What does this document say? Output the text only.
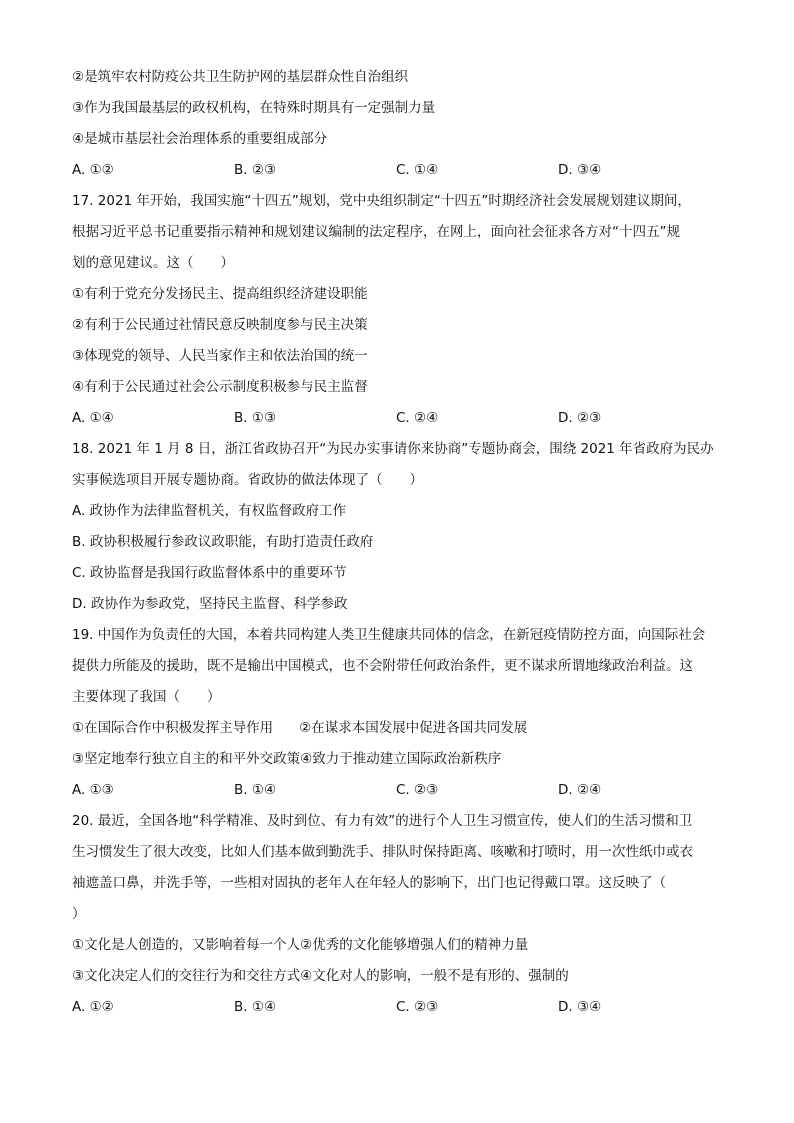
②是筑牢农村防疫公共卫生防护网的基层群众性自治组织
③作为我国最基层的政权机构，在特殊时期具有一定强制力量
④是城市基层社会治理体系的重要组成部分
A. ①②	B. ②③	C. ①④	D. ③④
17. 2021 年开始，我国实施“十四五”规划，党中央组织制定“十四五”时期经济社会发展规划建议期间，
根据习近平总书记重要指示精神和规划建议编制的法定程序，在网上，面向社会征求各方对“十四五”规
划的意见建议。这（　　）
①有利于党充分发扬民主、提高组织经济建设职能
②有利于公民通过社情民意反映制度参与民主决策
③体现党的领导、人民当家作主和依法治国的统一
④有利于公民通过社会公示制度积极参与民主监督
A. ①④	B. ①③	C. ②④	D. ②③
18. 2021 年 1 月 8 日，浙江省政协召开“为民办实事请你来协商”专题协商会，围绕 2021 年省政府为民办
实事候选项目开展专题协商。省政协的做法体现了（　　）
A. 政协作为法律监督机关，有权监督政府工作
B. 政协积极履行参政议政职能，有助打造责任政府
C. 政协监督是我国行政监督体系中的重要环节
D. 政协作为参政党，坚持民主监督、科学参政
19. 中国作为负责任的大国，本着共同构建人类卫生健康共同体的信念，在新冠疫情防控方面，向国际社会
提供力所能及的援助，既不是输出中国模式，也不会附带任何政治条件，更不谋求所谓地缘政治利益。这
主要体现了我国（　　）
①在国际合作中积极发挥主导作用 ②在谋求本国发展中促进各国共同发展
③坚定地奉行独立自主的和平外交政策④致力于推动建立国际政治新秩序
A. ①③	B. ①④	C. ②③	D. ②④
20. 最近，全国各地“科学精准、及时到位、有力有效”的进行个人卫生习惯宣传，使人们的生活习惯和卫
生习惯发生了很大改变，比如人们基本做到勤洗手、排队时保持距离、咳嗽和打喷时，用一次性纸巾或衣
袖遮盖口鼻，并洗手等，一些相对固执的老年人在年轻人的影响下，出门也记得戴口罩。这反映了（
）
①文化是人创造的，又影响着每一个人②优秀的文化能够增强人们的精神力量
③文化决定人们的交往行为和交往方式④文化对人的影响，一般不是有形的、强制的
A. ①②	B. ①④	C. ②③	D. ③④
